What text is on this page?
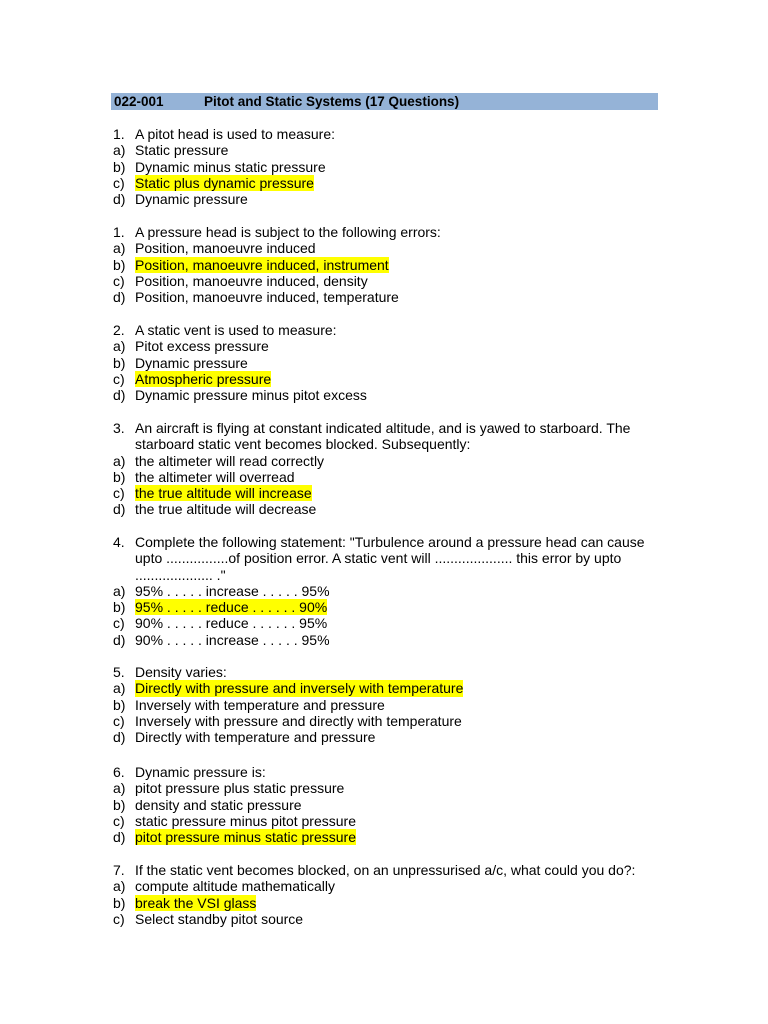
022-001	Pitot and Static Systems (17 Questions)
1. A pitot head is used to measure:
a) Static pressure
b) Dynamic minus static pressure
c) Static plus dynamic pressure
d) Dynamic pressure
1. A pressure head is subject to the following errors:
a) Position, manoeuvre induced
b) Position, manoeuvre induced, instrument
c) Position, manoeuvre induced, density
d) Position, manoeuvre induced, temperature
2. A static vent is used to measure:
a) Pitot excess pressure
b) Dynamic pressure
c) Atmospheric pressure
d) Dynamic pressure minus pitot excess
3. An aircraft is flying at constant indicated altitude, and is yawed to starboard. The starboard static vent becomes blocked. Subsequently:
a) the altimeter will read correctly
b) the altimeter will overread
c) the true altitude will increase
d) the true altitude will decrease
4. Complete the following statement: "Turbulence around a pressure head can cause upto ................of position error. A static vent will .................... this error by upto .................... ."
a) 95% . . . . . increase . . . . . 95%
b) 95% . . . . . reduce . . . . . . 90%
c) 90% . . . . . reduce . . . . . . 95%
d) 90% . . . . . increase . . . . . 95%
5. Density varies:
a) Directly with pressure and inversely with temperature
b) Inversely with temperature and pressure
c) Inversely with pressure and directly with temperature
d) Directly with temperature and pressure
6. Dynamic pressure is:
a) pitot pressure plus static pressure
b) density and static pressure
c) static pressure minus pitot pressure
d) pitot pressure minus static pressure
7. If the static vent becomes blocked, on an unpressurised a/c, what could you do?:
a) compute altitude mathematically
b) break the VSI glass
c) Select standby pitot source
